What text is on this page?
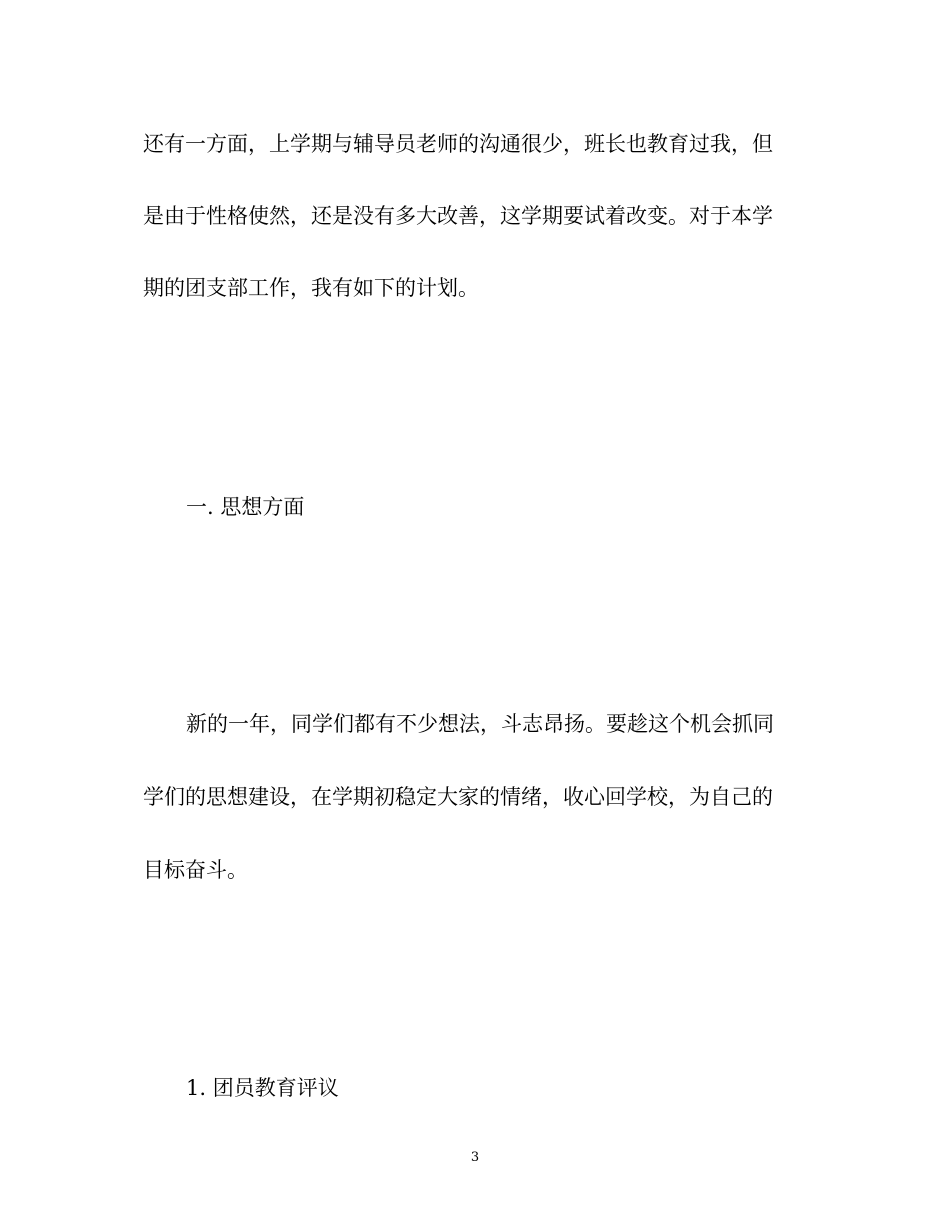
还有一方面，上学期与辅导员老师的沟通很少，班长也教育过我，但
是由于性格使然，还是没有多大改善，这学期要试着改变。对于本学
期的团支部工作，我有如下的计划。
一. 思想方面
新的一年，同学们都有不少想法，斗志昂扬。要趁这个机会抓同
学们的思想建设，在学期初稳定大家的情绪，收心回学校，为自己的
目标奋斗。
1. 团员教育评议
3
